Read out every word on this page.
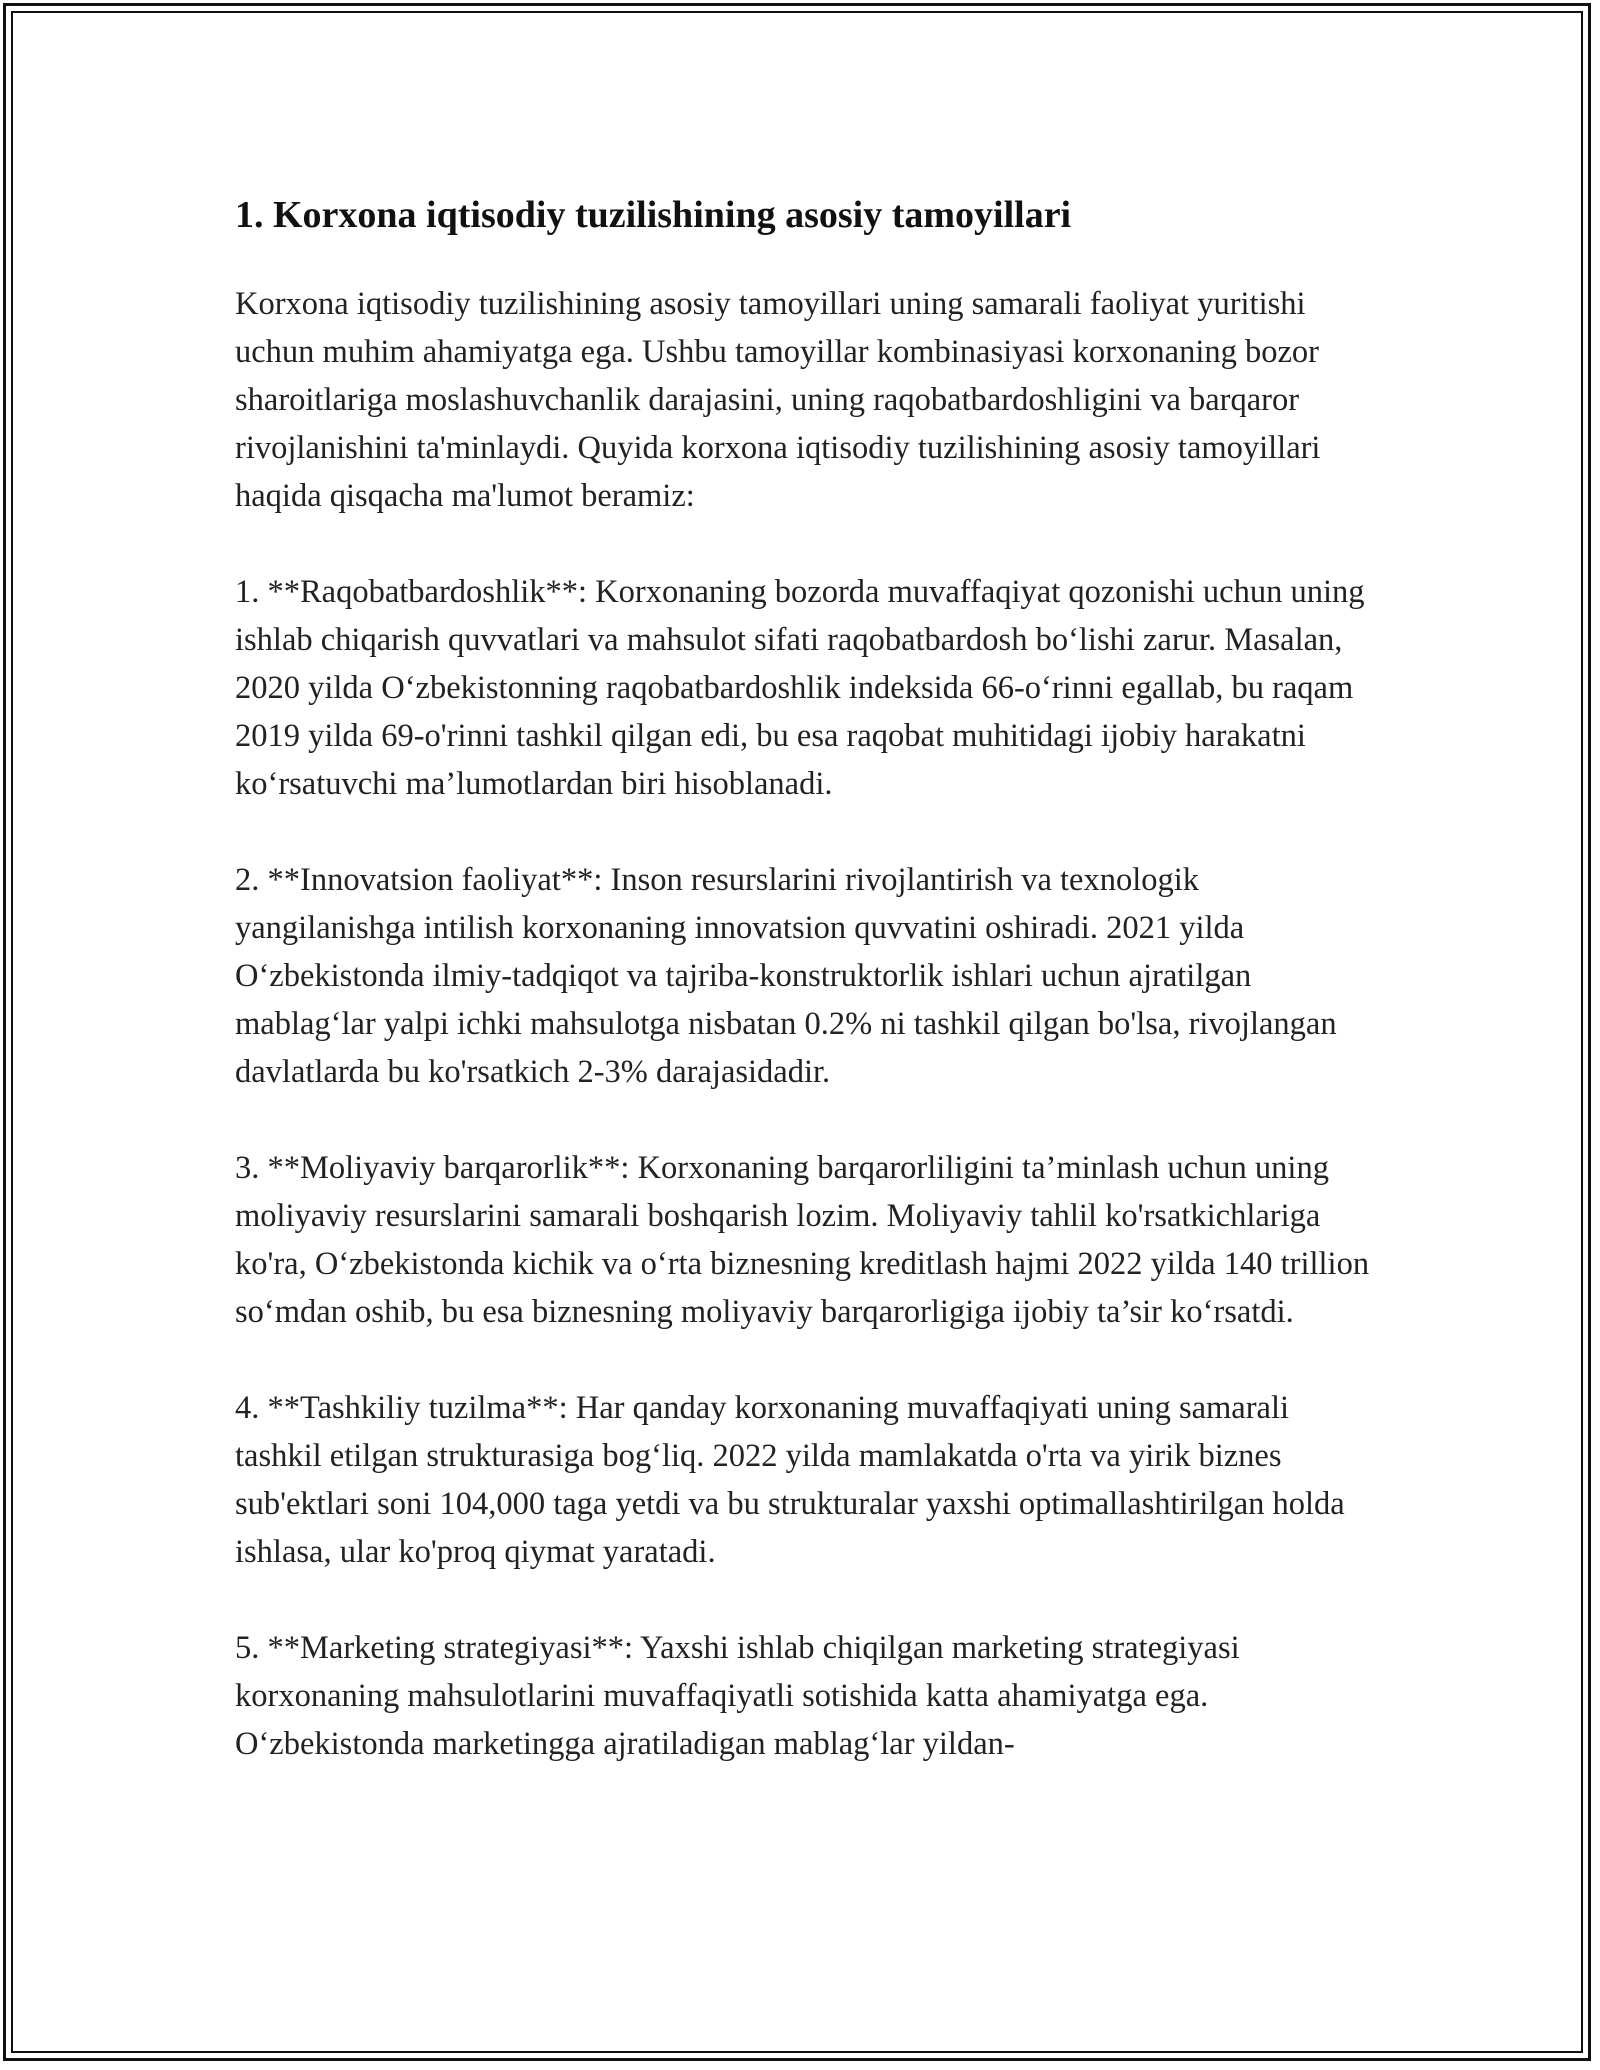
1. Korxona iqtisodiy tuzilishining asosiy tamoyillari

Korxona iqtisodiy tuzilishining asosiy tamoyillari uning samarali faoliyat yuritishi uchun muhim ahamiyatga ega. Ushbu tamoyillar kombinasiyasi korxonaning bozor sharoitlariga moslashuvchanlik darajasini, uning raqobatbardoshligini va barqaror rivojlanishini ta'minlaydi. Quyida korxona iqtisodiy tuzilishining asosiy tamoyillari haqida qisqacha ma'lumot beramiz:

1. **Raqobatbardoshlik**: Korxonaning bozorda muvaffaqiyat qozonishi uchun uning ishlab chiqarish quvvatlari va mahsulot sifati raqobatbardosh bo‘lishi zarur. Masalan, 2020 yilda O‘zbekistonning raqobatbardoshlik indeksida 66-o‘rinni egallab, bu raqam 2019 yilda 69-o'rinni tashkil qilgan edi, bu esa raqobat muhitidagi ijobiy harakatni ko‘rsatuvchi ma’lumotlardan biri hisoblanadi.

2. **Innovatsion faoliyat**: Inson resurslarini rivojlantirish va texnologik yangilanishga intilish korxonaning innovatsion quvvatini oshiradi. 2021 yilda O‘zbekistonda ilmiy-tadqiqot va tajriba-konstruktorlik ishlari uchun ajratilgan mablag‘lar yalpi ichki mahsulotga nisbatan 0.2% ni tashkil qilgan bo'lsa, rivojlangan davlatlarda bu ko'rsatkich 2-3% darajasidadir.

3. **Moliyaviy barqarorlik**: Korxonaning barqarorliligini ta’minlash uchun uning moliyaviy resurslarini samarali boshqarish lozim. Moliyaviy tahlil ko'rsatkichlariga ko'ra, O‘zbekistonda kichik va o‘rta biznesning kreditlash hajmi 2022 yilda 140 trillion so‘mdan oshib, bu esa biznesning moliyaviy barqarorligiga ijobiy ta’sir ko‘rsatdi.

4. **Tashkiliy tuzilma**: Har qanday korxonaning muvaffaqiyati uning samarali tashkil etilgan strukturasiga bog‘liq. 2022 yilda mamlakatda o'rta va yirik biznes sub'ektlari soni 104,000 taga yetdi va bu strukturalar yaxshi optimallashtirilgan holda ishlasa, ular ko'proq qiymat yaratadi.

5. **Marketing strategiyasi**: Yaxshi ishlab chiqilgan marketing strategiyasi korxonaning mahsulotlarini muvaffaqiyatli sotishida katta ahamiyatga ega. O‘zbekistonda marketingga ajratiladigan mablag‘lar yildan-
